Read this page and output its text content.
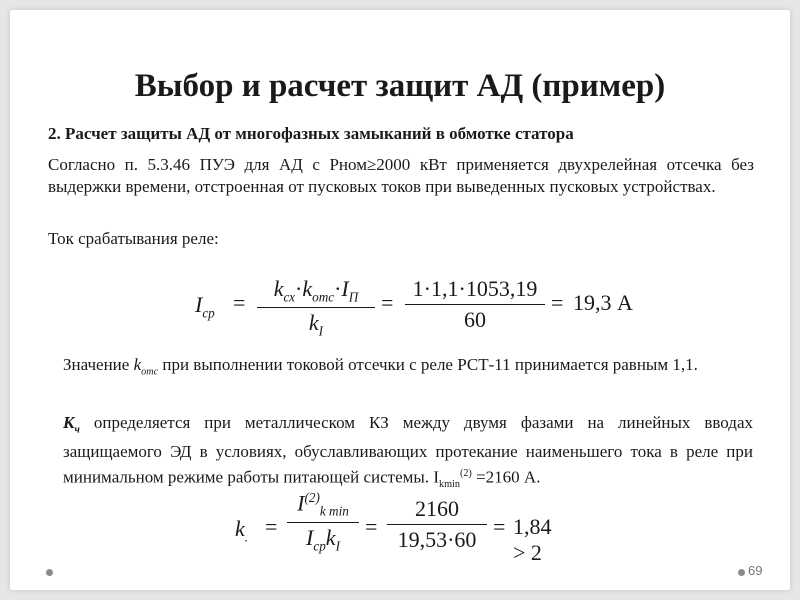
Выбор и расчет защит АД (пример)
2. Расчет защиты АД от многофазных замыканий в обмотке статора
Согласно п. 5.3.46 ПУЭ для АД с Pном≥2000 кВт применяется двухрелейная отсечка без выдержки времени, отстроенная от пусковых токов при выведенных пусковых устройствах.
Ток срабатывания реле:
$I_{ср}$ =
$k_{сх}\cdot k_{отс}\cdot I_П$
$k_I$
=
1·1,1·1053,19
60
= 19,3 А
Значение $k_{отс}$ при выполнении токовой отсечки с реле РСТ-11 принимается равным 1,1.
$К_ч$ определяется при металлическом КЗ между двумя фазами на линейных вводах защищаемого ЭД в условиях, обуславливающих протекание наименьшего тока в реле при минимальном режиме работы питающей системы. $I_{kmin}^{(2)} =2160$ А.
$k_.$ =
$I^{(2)}_{k min}$
$I_{ср}k_I$
=
2160
19,53·60
= 1,84 > 2
69
